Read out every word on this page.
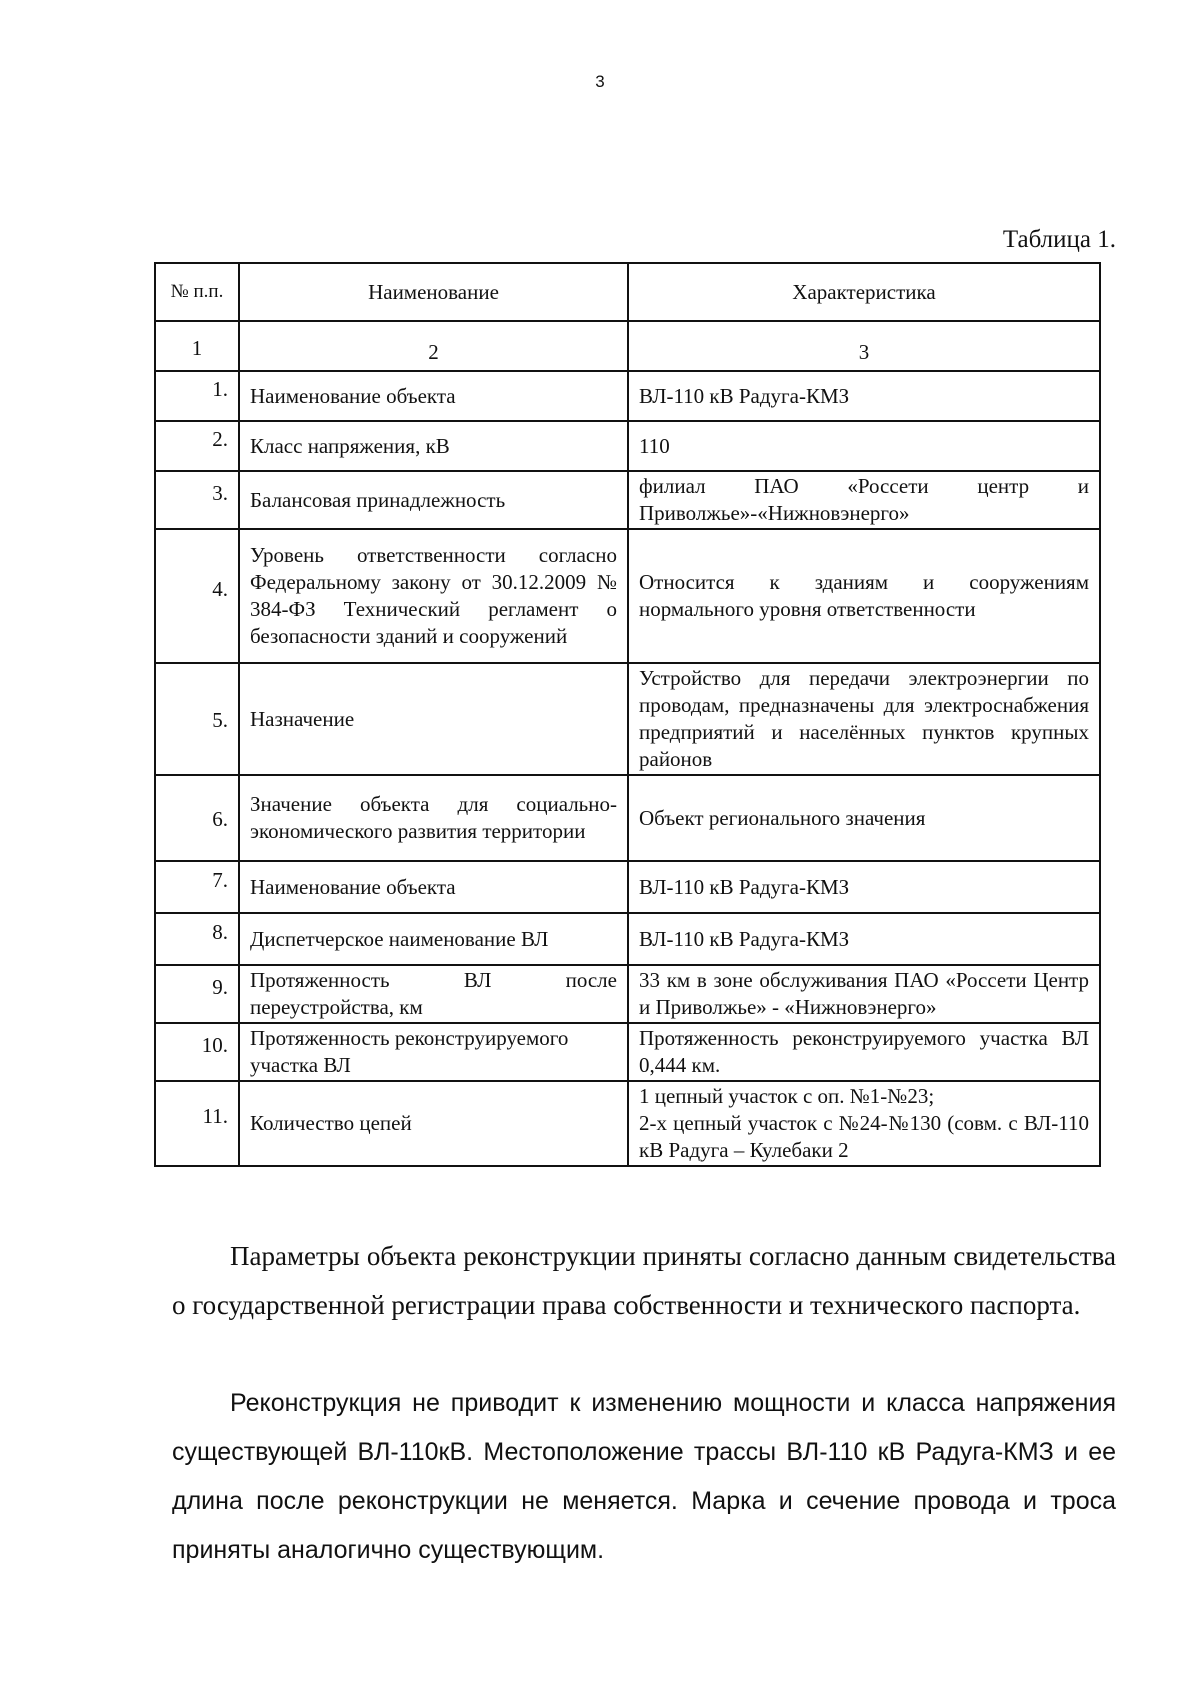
3
Таблица 1.
№ п.п.	Наименование	Характеристика
1	2	3
1.	Наименование объекта	ВЛ-110 кВ Радуга-КМЗ
2.	Класс напряжения, кВ	110
3.	Балансовая принадлежность	филиал ПАО «Россети центр и Приволжье»-«Нижновэнерго»
4.	Уровень ответственности согласно Федеральному закону от 30.12.2009 № 384-ФЗ Технический регламент о безопасности зданий и сооружений	Относится к зданиям и сооружениям нормального уровня ответственности
5.	Назначение	Устройство для передачи электроэнергии по проводам, предназначены для электроснабжения предприятий и населённых пунктов крупных районов
6.	Значение объекта для социально-экономического развития территории	Объект регионального значения
7.	Наименование объекта	ВЛ-110 кВ Радуга-КМЗ
8.	Диспетчерское наименование ВЛ	ВЛ-110 кВ Радуга-КМЗ
9.	Протяженность ВЛ после переустройства, км	33 км в зоне обслуживания ПАО «Россети Центр и Приволжье» - «Нижновэнерго»
10.	Протяженность реконструируемого участка ВЛ	Протяженность реконструируемого участка ВЛ 0,444 км.
11.	Количество цепей	1 цепный участок с оп. №1-№23;
2-х цепный участок с №24-№130 (совм. с ВЛ-110 кВ Радуга – Кулебаки 2

Параметры объекта реконструкции приняты согласно данным свидетельства о государственной регистрации права собственности и технического паспорта.

Реконструкция не приводит к изменению мощности и класса напряжения существующей ВЛ-110кВ. Местоположение трассы ВЛ-110 кВ Радуга-КМЗ и ее длина после реконструкции не меняется. Марка и сечение провода и троса приняты аналогично существующим.
